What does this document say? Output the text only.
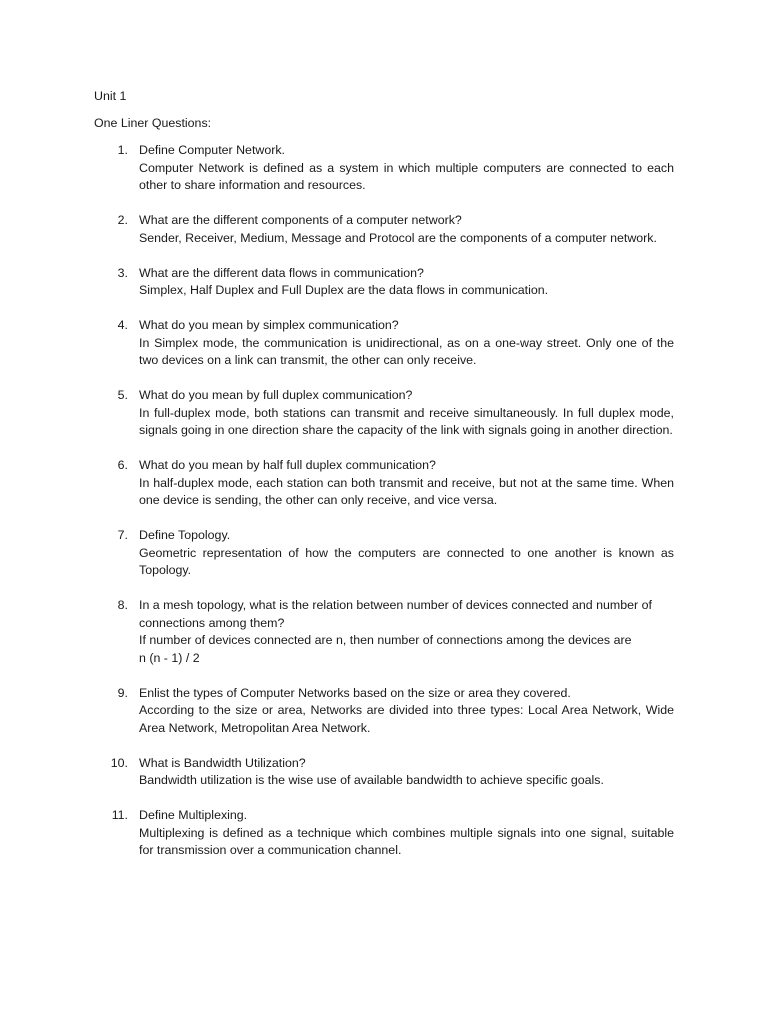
Unit 1
One Liner Questions:
1. Define Computer Network.
Computer Network is defined as a system in which multiple computers are connected to each other to share information and resources.
2. What are the different components of a computer network?
Sender, Receiver, Medium, Message and Protocol are the components of a computer network.
3. What are the different data flows in communication?
Simplex, Half Duplex and Full Duplex are the data flows in communication.
4. What do you mean by simplex communication?
In Simplex mode, the communication is unidirectional, as on a one-way street. Only one of the two devices on a link can transmit, the other can only receive.
5. What do you mean by full duplex communication?
In full-duplex mode, both stations can transmit and receive simultaneously. In full duplex mode, signals going in one direction share the capacity of the link with signals going in another direction.
6. What do you mean by half full duplex communication?
In half-duplex mode, each station can both transmit and receive, but not at the same time. When one device is sending, the other can only receive, and vice versa.
7. Define Topology.
Geometric representation of how the computers are connected to one another is known as Topology.
8. In a mesh topology, what is the relation between number of devices connected and number of connections among them?
If number of devices connected are n, then number of connections among the devices are
n (n - 1) / 2
9. Enlist the types of Computer Networks based on the size or area they covered.
According to the size or area, Networks are divided into three types: Local Area Network, Wide Area Network, Metropolitan Area Network.
10. What is Bandwidth Utilization?
Bandwidth utilization is the wise use of available bandwidth to achieve specific goals.
11. Define Multiplexing.
Multiplexing is defined as a technique which combines multiple signals into one signal, suitable for transmission over a communication channel.
